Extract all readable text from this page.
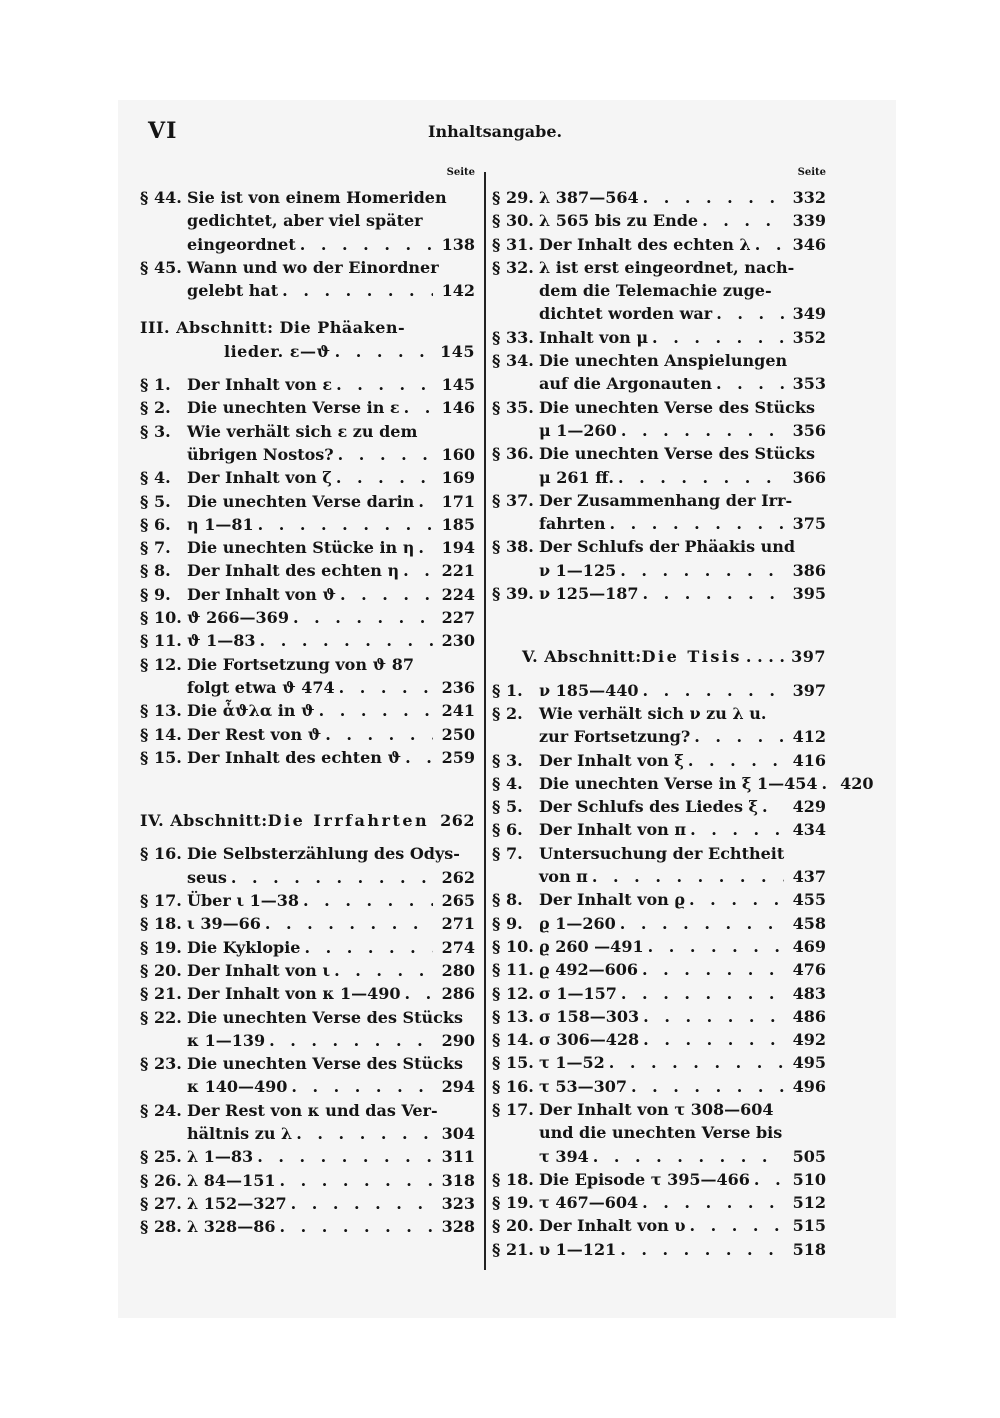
VI	Inhaltsangabe.
Seite
§ 44. Sie ist von einem Homeriden
gedichtet, aber viel später
eingeordnet . . .	138
§ 45. Wann und wo der Einordner
gelebt hat . . .	142
III. Abschnitt: Die Phäaken-
lieder. ε—ϑ . . .	145
§ 1.	Der Inhalt von ε . . .	145
§ 2.	Die unechten Verse in ε . . .	146
§ 3.	Wie verhält sich ε zu dem
übrigen Nostos? . . .	160
§ 4.	Der Inhalt von ζ . . .	169
§ 5.	Die unechten Verse darin . . . 171
§ 6.	η 1—81 . . .	185
§ 7.	Die unechten Stücke in η . . . 194
§ 8.	Der Inhalt des echten η . . .	221
§ 9.	Der Inhalt von ϑ . . .	224
§ 10. ϑ 266—369 . . .	227
§ 11. ϑ 1—83 . . .	230
§ 12. Die Fortsetzung von ϑ 87
folgt etwa ϑ 474 . . .	236
§ 13. Die ἆϑλα in ϑ . . .	241
§ 14. Der Rest von ϑ . . .	250
§ 15. Der Inhalt des echten ϑ . . .	259
IV. Abschnitt: Die Irrfahrten 262
§ 16. Die Selbsterzählung des Odys-
seus . . .	262
§ 17. Über ι 1—38 . . .	265
§ 18. ι 39—66 . . .	271
§ 19. Die Kyklopie . . .	274
§ 20. Der Inhalt von ι . . .	280
§ 21. Der Inhalt von κ 1—490 . . .	286
§ 22. Die unechten Verse des Stücks
κ 1—139 . . .	290
§ 23. Die unechten Verse des Stücks
κ 140—490 . . .	294
§ 24. Der Rest von κ und das Ver-
hältnis zu λ . . .	304
§ 25. λ 1—83 . . .	311
§ 26. λ 84—151 . . .	318
§ 27. λ 152—327 . . .	323
§ 28. λ 328—86 . . .	328
Seite
§ 29. λ 387—564 . . .	332
§ 30. λ 565 bis zu Ende . . .	339
§ 31. Der Inhalt des echten λ . . .	346
§ 32. λ ist erst eingeordnet, nach-
dem die Telemachie zuge-
dichtet worden war . . .	349
§ 33. Inhalt von μ . . .	352
§ 34. Die unechten Anspielungen
auf die Argonauten . . .	353
§ 35. Die unechten Verse des Stücks
μ 1—260 . . .	356
§ 36. Die unechten Verse des Stücks
μ 261 ff. . . .	366
§ 37. Der Zusammenhang der Irr-
fahrten . . .	375
§ 38. Der Schlufs der Phäakis und
ν 1—125 . . .	386
§ 39. ν 125—187 . . .	395
V. Abschnitt: Die Tisis . . .	397
§ 1.	ν 185—440 . . .	397
§ 2.	Wie verhält sich ν zu λ u.
zur Fortsetzung? . . .	412
§ 3.	Der Inhalt von ξ . . .	416
§ 4.	Die unechten Verse in ξ 1—454 . . . 420
§ 5.	Der Schlufs des Liedes ξ . . . 429
§ 6.	Der Inhalt von π . . .	434
§ 7.	Untersuchung der Echtheit
von π . . .	437
§ 8.	Der Inhalt von ϱ . . .	455
§ 9.	ϱ 1—260 . . .	458
§ 10. ϱ 260 —491 . . .	469
§ 11. ϱ 492—606 . . .	476
§ 12. σ 1—157 . . .	483
§ 13. σ 158—303 . . .	486
§ 14. σ 306—428 . . .	492
§ 15. τ 1—52 . . .	495
§ 16. τ 53—307 . . .	496
§ 17. Der Inhalt von τ 308—604
und die unechten Verse bis
τ 394 . . .	505
§ 18. Die Episode τ 395—466 . . .	510
§ 19. τ 467—604 . . .	512
§ 20. Der Inhalt von υ . . .	515
§ 21. υ 1—121 . . .	518
